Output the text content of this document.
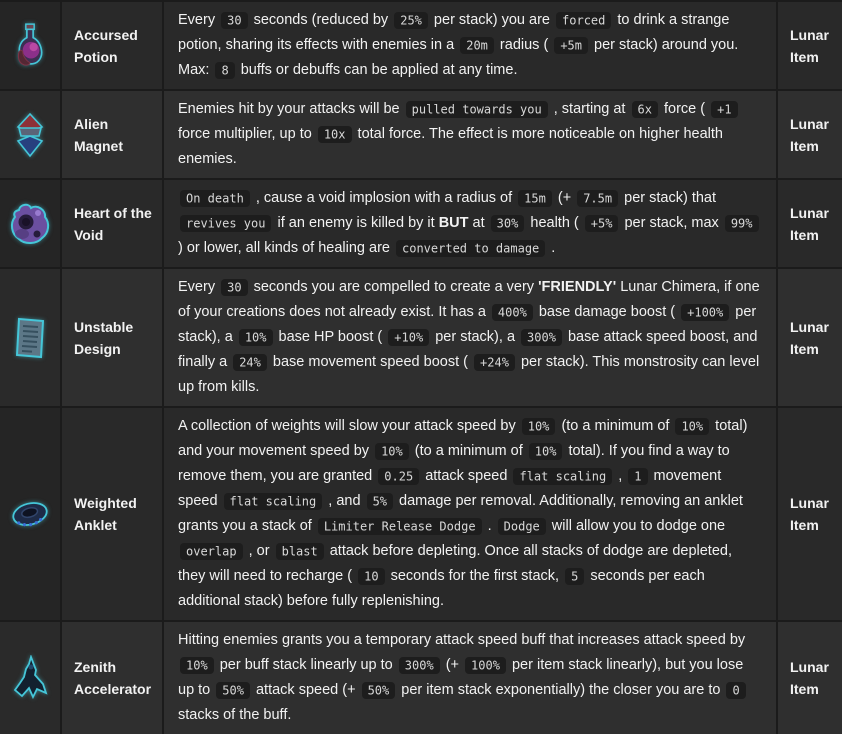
Accursed Potion
Every 30 seconds (reduced by 25% per stack) you are forced to drink a strange potion, sharing its effects with enemies in a 20m radius ( +5m per stack) around you. Max: 8 buffs or debuffs can be applied at any time.
Lunar Item
Alien Magnet
Enemies hit by your attacks will be pulled towards you , starting at 6x force ( +1 force multiplier, up to 10x total force. The effect is more noticeable on higher health enemies.
Lunar Item
Heart of the Void
On death , cause a void implosion with a radius of 15m (+ 7.5m per stack) that revives you if an enemy is killed by it BUT at 30% health ( +5% per stack, max 99% ) or lower, all kinds of healing are converted to damage .
Lunar Item
Unstable Design
Every 30 seconds you are compelled to create a very 'FRIENDLY' Lunar Chimera, if one of your creations does not already exist. It has a 400% base damage boost ( +100% per stack), a 10% base HP boost ( +10% per stack), a 300% base attack speed boost, and finally a 24% base movement speed boost ( +24% per stack). This monstrosity can level up from kills.
Lunar Item
Weighted Anklet
A collection of weights will slow your attack speed by 10% (to a minimum of 10% total) and your movement speed by 10% (to a minimum of 10% total). If you find a way to remove them, you are granted 0.25 attack speed flat scaling , 1 movement speed flat scaling , and 5% damage per removal. Additionally, removing an anklet grants you a stack of Limiter Release Dodge . Dodge will allow you to dodge one overlap , or blast attack before depleting. Once all stacks of dodge are depleted, they will need to recharge ( 10 seconds for the first stack, 5 seconds per each additional stack) before fully replenishing.
Lunar Item
Zenith Accelerator
Hitting enemies grants you a temporary attack speed buff that increases attack speed by 10% per buff stack linearly up to 300% (+ 100% per item stack linearly), but you lose up to 50% attack speed (+ 50% per item stack exponentially) the closer you are to 0 stacks of the buff.
Lunar Item
